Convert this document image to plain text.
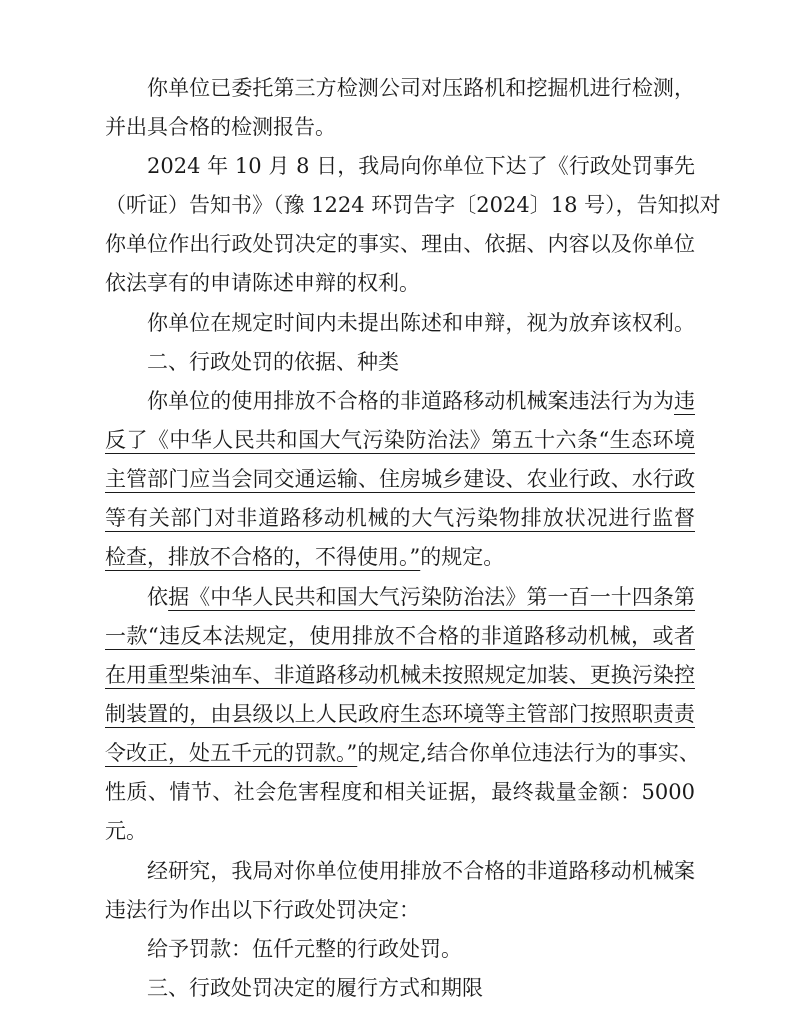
你单位已委托第三方检测公司对压路机和挖掘机进行检测，
并出具合格的检测报告。
2024 年 10 月 8 日，我局向你单位下达了《行政处罚事先
（听证）告知书》（豫 1224 环罚告字〔2024〕18 号），告知拟对
你单位作出行政处罚决定的事实、理由、依据、内容以及你单位
依法享有的申请陈述申辩的权利。
你单位在规定时间内未提出陈述和申辩，视为放弃该权利。
二、行政处罚的依据、种类
你单位的使用排放不合格的非道路移动机械案违法行为为违
反了《中华人民共和国大气污染防治法》第五十六条“生态环境
主管部门应当会同交通运输、住房城乡建设、农业行政、水行政
等有关部门对非道路移动机械的大气污染物排放状况进行监督
检查，排放不合格的，不得使用。”的规定。
依据《中华人民共和国大气污染防治法》第一百一十四条第
一款“违反本法规定，使用排放不合格的非道路移动机械，或者
在用重型柴油车、非道路移动机械未按照规定加装、更换污染控
制装置的，由县级以上人民政府生态环境等主管部门按照职责责
令改正，处五千元的罚款。”的规定,结合你单位违法行为的事实、
性质、情节、社会危害程度和相关证据，最终裁量金额：5000
元。
经研究，我局对你单位使用排放不合格的非道路移动机械案
违法行为作出以下行政处罚决定：
给予罚款：伍仟元整的行政处罚。
三、行政处罚决定的履行方式和期限
